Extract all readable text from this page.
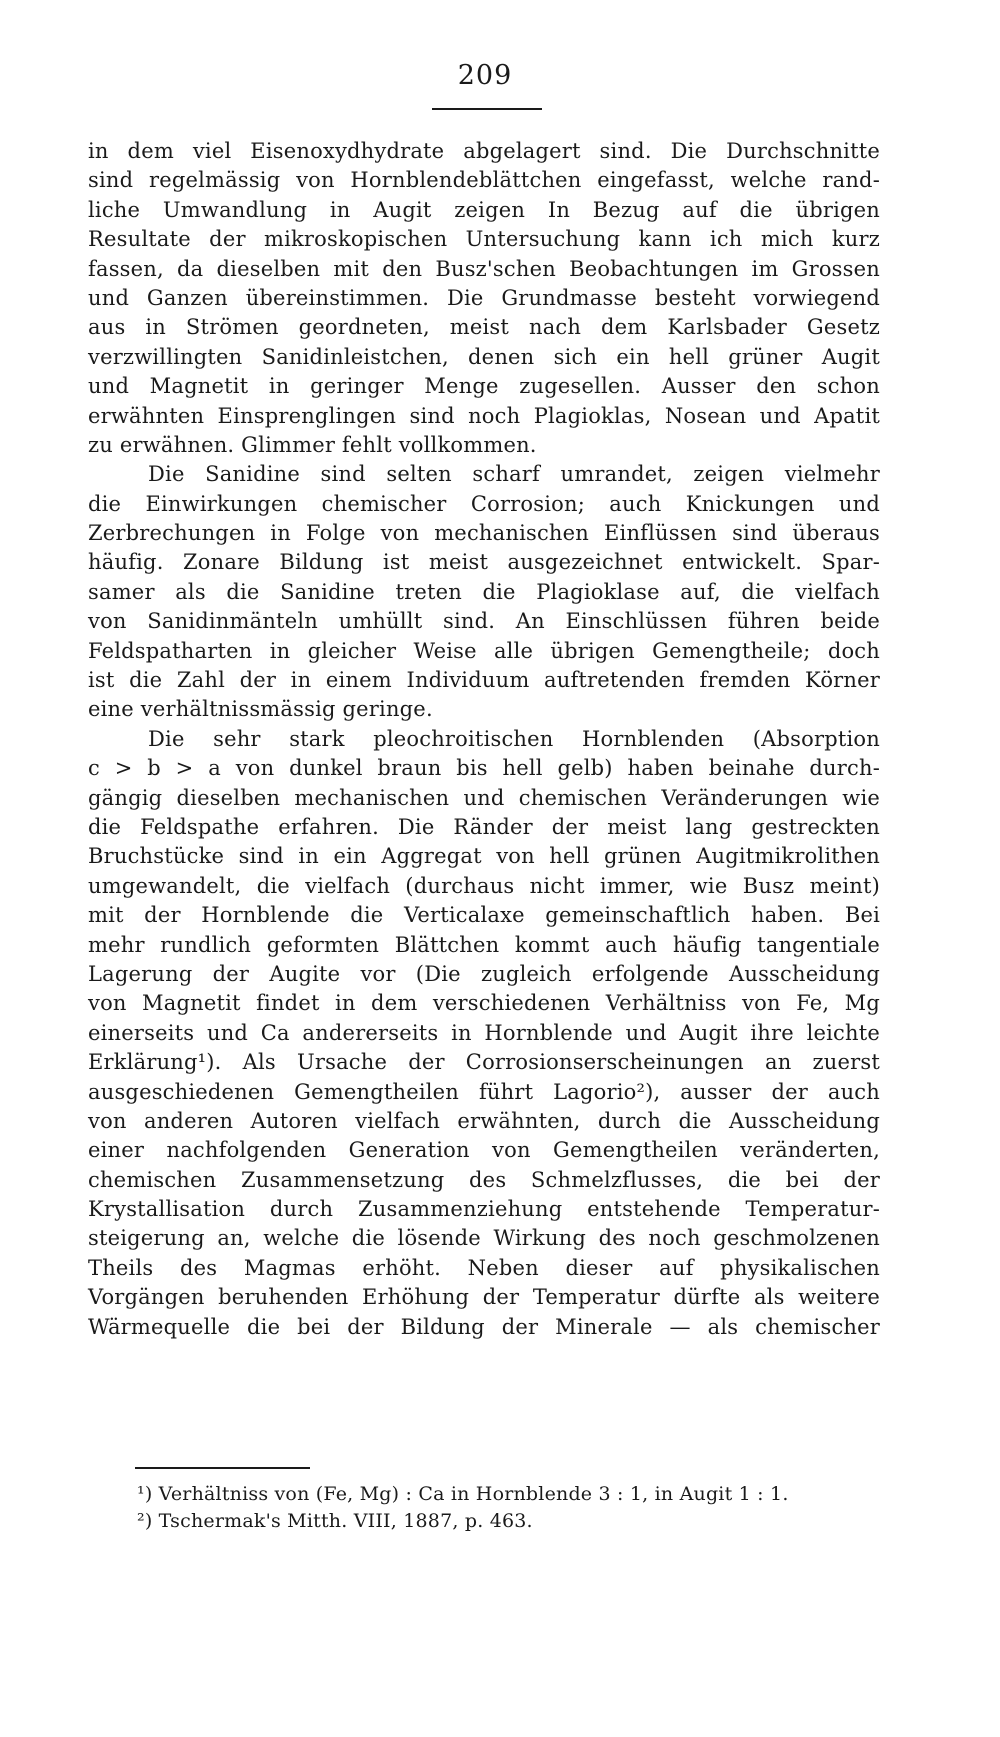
209
in dem viel Eisenoxydhydrate abgelagert sind. Die Durchschnitte
sind regelmässig von Hornblendeblättchen eingefasst, welche rand-
liche Umwandlung in Augit zeigen In Bezug auf die übrigen
Resultate der mikroskopischen Untersuchung kann ich mich kurz
fassen, da dieselben mit den Busz'schen Beobachtungen im Grossen
und Ganzen übereinstimmen. Die Grundmasse besteht vorwiegend
aus in Strömen geordneten, meist nach dem Karlsbader Gesetz
verzwillingten Sanidinleistchen, denen sich ein hell grüner Augit
und Magnetit in geringer Menge zugesellen. Ausser den schon
erwähnten Einsprenglingen sind noch Plagioklas, Nosean und Apatit
zu erwähnen. Glimmer fehlt vollkommen.
Die Sanidine sind selten scharf umrandet, zeigen vielmehr
die Einwirkungen chemischer Corrosion; auch Knickungen und
Zerbrechungen in Folge von mechanischen Einflüssen sind überaus
häufig. Zonare Bildung ist meist ausgezeichnet entwickelt. Spar-
samer als die Sanidine treten die Plagioklase auf, die vielfach
von Sanidinmänteln umhüllt sind. An Einschlüssen führen beide
Feldspatharten in gleicher Weise alle übrigen Gemengtheile; doch
ist die Zahl der in einem Individuum auftretenden fremden Körner
eine verhältnissmässig geringe.
Die sehr stark pleochroitischen Hornblenden (Absorption
c > b > a von dunkel braun bis hell gelb) haben beinahe durch-
gängig dieselben mechanischen und chemischen Veränderungen wie
die Feldspathe erfahren. Die Ränder der meist lang gestreckten
Bruchstücke sind in ein Aggregat von hell grünen Augitmikrolithen
umgewandelt, die vielfach (durchaus nicht immer, wie Busz meint)
mit der Hornblende die Verticalaxe gemeinschaftlich haben. Bei
mehr rundlich geformten Blättchen kommt auch häufig tangentiale
Lagerung der Augite vor (Die zugleich erfolgende Ausscheidung
von Magnetit findet in dem verschiedenen Verhältniss von Fe, Mg
einerseits und Ca andererseits in Hornblende und Augit ihre leichte
Erklärung¹). Als Ursache der Corrosionserscheinungen an zuerst
ausgeschiedenen Gemengtheilen führt Lagorio²), ausser der auch
von anderen Autoren vielfach erwähnten, durch die Ausscheidung
einer nachfolgenden Generation von Gemengtheilen veränderten,
chemischen Zusammensetzung des Schmelzflusses, die bei der
Krystallisation durch Zusammenziehung entstehende Temperatur-
steigerung an, welche die lösende Wirkung des noch geschmolzenen
Theils des Magmas erhöht. Neben dieser auf physikalischen
Vorgängen beruhenden Erhöhung der Temperatur dürfte als weitere
Wärmequelle die bei der Bildung der Minerale — als chemischer
¹) Verhältniss von (Fe, Mg) : Ca in Hornblende 3 : 1, in Augit 1 : 1.
²) Tschermak's Mitth. VIII, 1887, p. 463.
